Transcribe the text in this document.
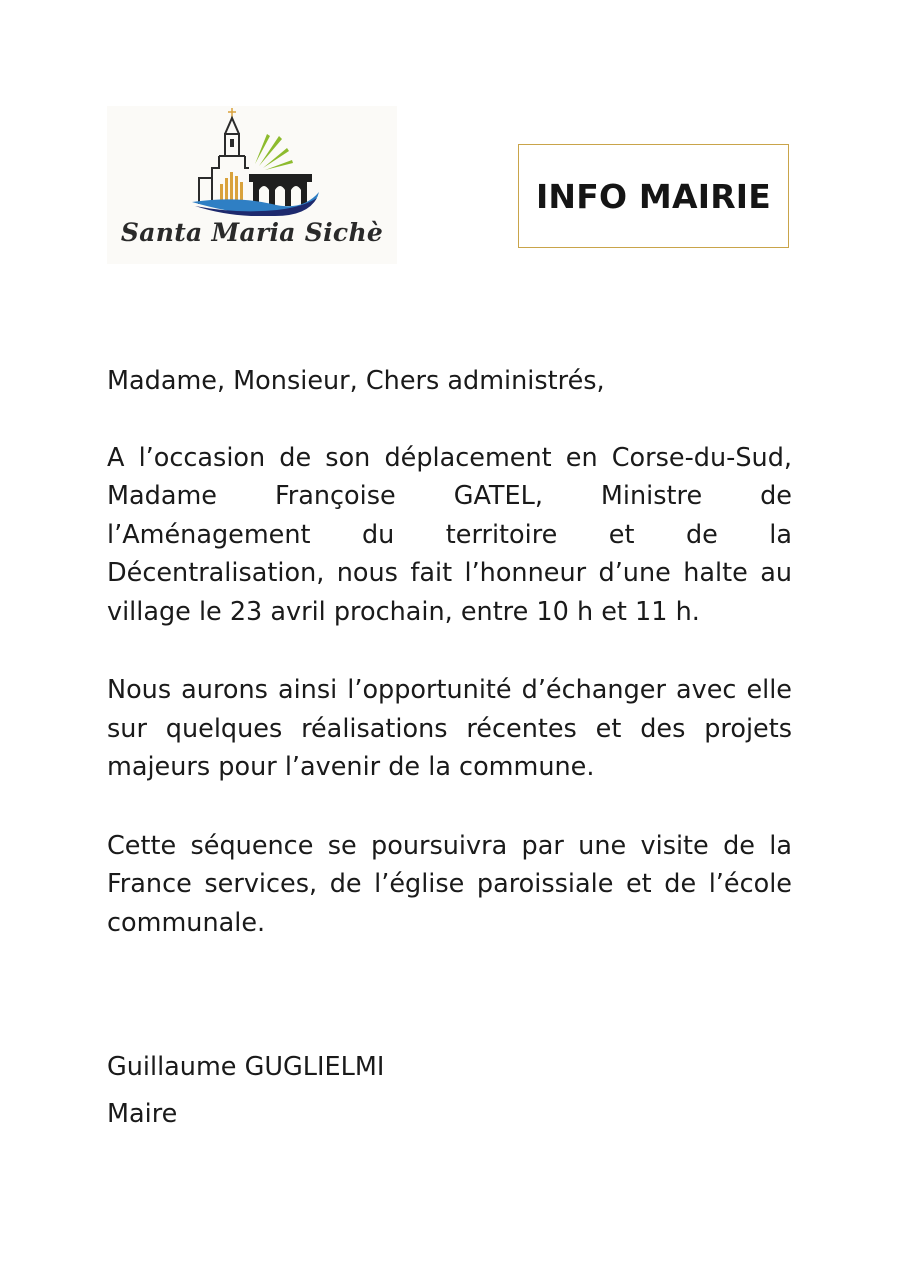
Santa Maria Sichè
INFO MAIRIE

Madame, Monsieur, Chers administrés,

A l’occasion de son déplacement en Corse-du-Sud, Madame Françoise GATEL, Ministre de l’Aménagement du territoire et de la Décentralisation, nous fait l’honneur d’une halte au village le 23 avril prochain, entre 10 h et 11 h.

Nous aurons ainsi l’opportunité d’échanger avec elle sur quelques réalisations récentes et des projets majeurs pour l’avenir de la commune.

Cette séquence se poursuivra par une visite de la France services, de l’église paroissiale et de l’école communale.

Guillaume GUGLIELMI
Maire
